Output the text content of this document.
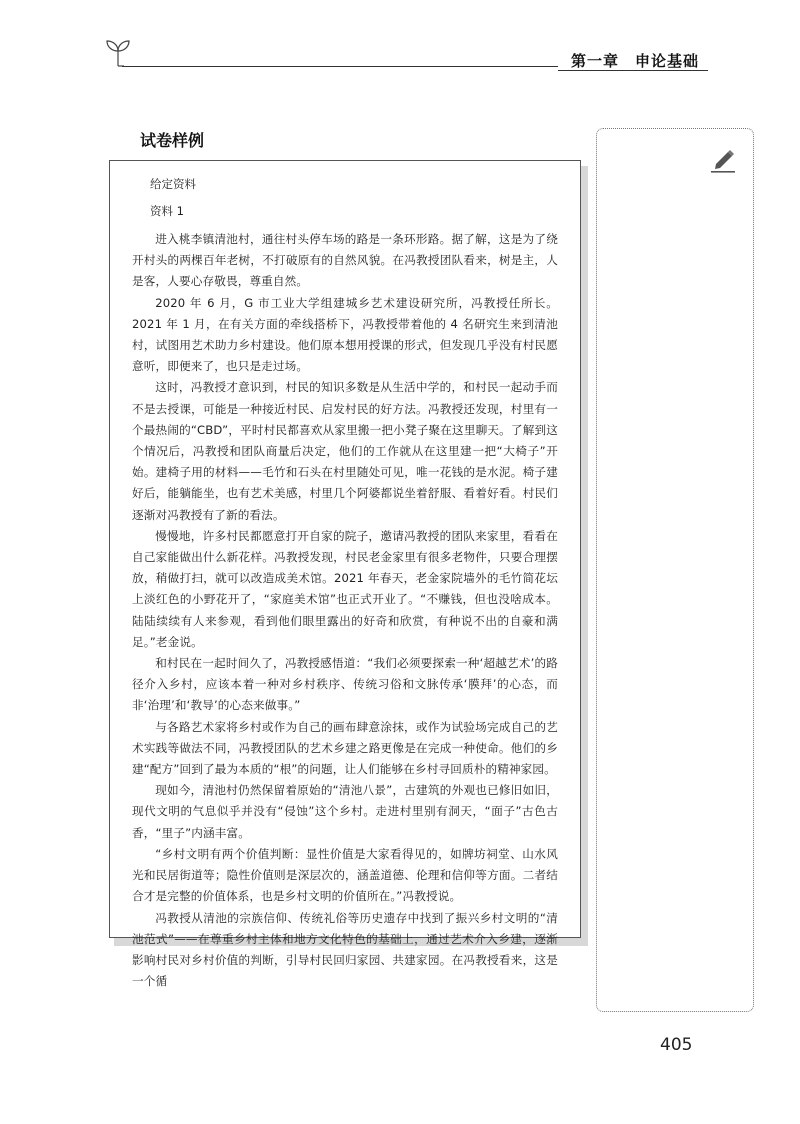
第一章　申论基础
试卷样例
给定资料
资料 1

进入桃李镇清池村，通往村头停车场的路是一条环形路。据了解，这是为了绕开村头的两棵百年老树，不打破原有的自然风貌。在冯教授团队看来，树是主，人是客，人要心存敬畏，尊重自然。

2020 年 6 月，G 市工业大学组建城乡艺术建设研究所，冯教授任所长。2021 年 1 月，在有关方面的牵线搭桥下，冯教授带着他的 4 名研究生来到清池村，试图用艺术助力乡村建设。他们原本想用授课的形式，但发现几乎没有村民愿意听，即便来了，也只是走过场。

这时，冯教授才意识到，村民的知识多数是从生活中学的，和村民一起动手而不是去授课，可能是一种接近村民、启发村民的好方法。冯教授还发现，村里有一个最热闹的“CBD”，平时村民都喜欢从家里搬一把小凳子聚在这里聊天。了解到这个情况后，冯教授和团队商量后决定，他们的工作就从在这里建一把“大椅子”开始。建椅子用的材料——毛竹和石头在村里随处可见，唯一花钱的是水泥。椅子建好后，能躺能坐，也有艺术美感，村里几个阿婆都说坐着舒服、看着好看。村民们逐渐对冯教授有了新的看法。

慢慢地，许多村民都愿意打开自家的院子，邀请冯教授的团队来家里，看看在自己家能做出什么新花样。冯教授发现，村民老金家里有很多老物件，只要合理摆放，稍做打扫，就可以改造成美术馆。2021 年春天，老金家院墙外的毛竹简花坛上淡红色的小野花开了，“家庭美术馆”也正式开业了。“不赚钱，但也没啥成本。陆陆续续有人来参观，看到他们眼里露出的好奇和欣赏，有种说不出的自豪和满足。”老金说。

和村民在一起时间久了，冯教授感悟道：“我们必须要探索一种‘超越艺术’的路径介入乡村，应该本着一种对乡村秩序、传统习俗和文脉传承‘膜拜’的心态，而非‘治理’和‘教导’的心态来做事。”

与各路艺术家将乡村或作为自己的画布肆意涂抹，或作为试验场完成自己的艺术实践等做法不同，冯教授团队的艺术乡建之路更像是在完成一种使命。他们的乡建“配方”回到了最为本质的“根”的问题，让人们能够在乡村寻回质朴的精神家园。

现如今，清池村仍然保留着原始的“清池八景”，古建筑的外观也已修旧如旧，现代文明的气息似乎并没有“侵蚀”这个乡村。走进村里别有洞天，“面子”古色古香，“里子”内涵丰富。

“乡村文明有两个价值判断：显性价值是大家看得见的，如牌坊祠堂、山水风光和民居街道等；隐性价值则是深层次的，涵盖道德、伦理和信仰等方面。二者结合才是完整的价值体系，也是乡村文明的价值所在。”冯教授说。

冯教授从清池的宗族信仰、传统礼俗等历史遗存中找到了振兴乡村文明的“清池范式”——在尊重乡村主体和地方文化特色的基础上，通过艺术介入乡建，逐渐影响村民对乡村价值的判断，引导村民回归家园、共建家园。在冯教授看来，这是一个循

405
